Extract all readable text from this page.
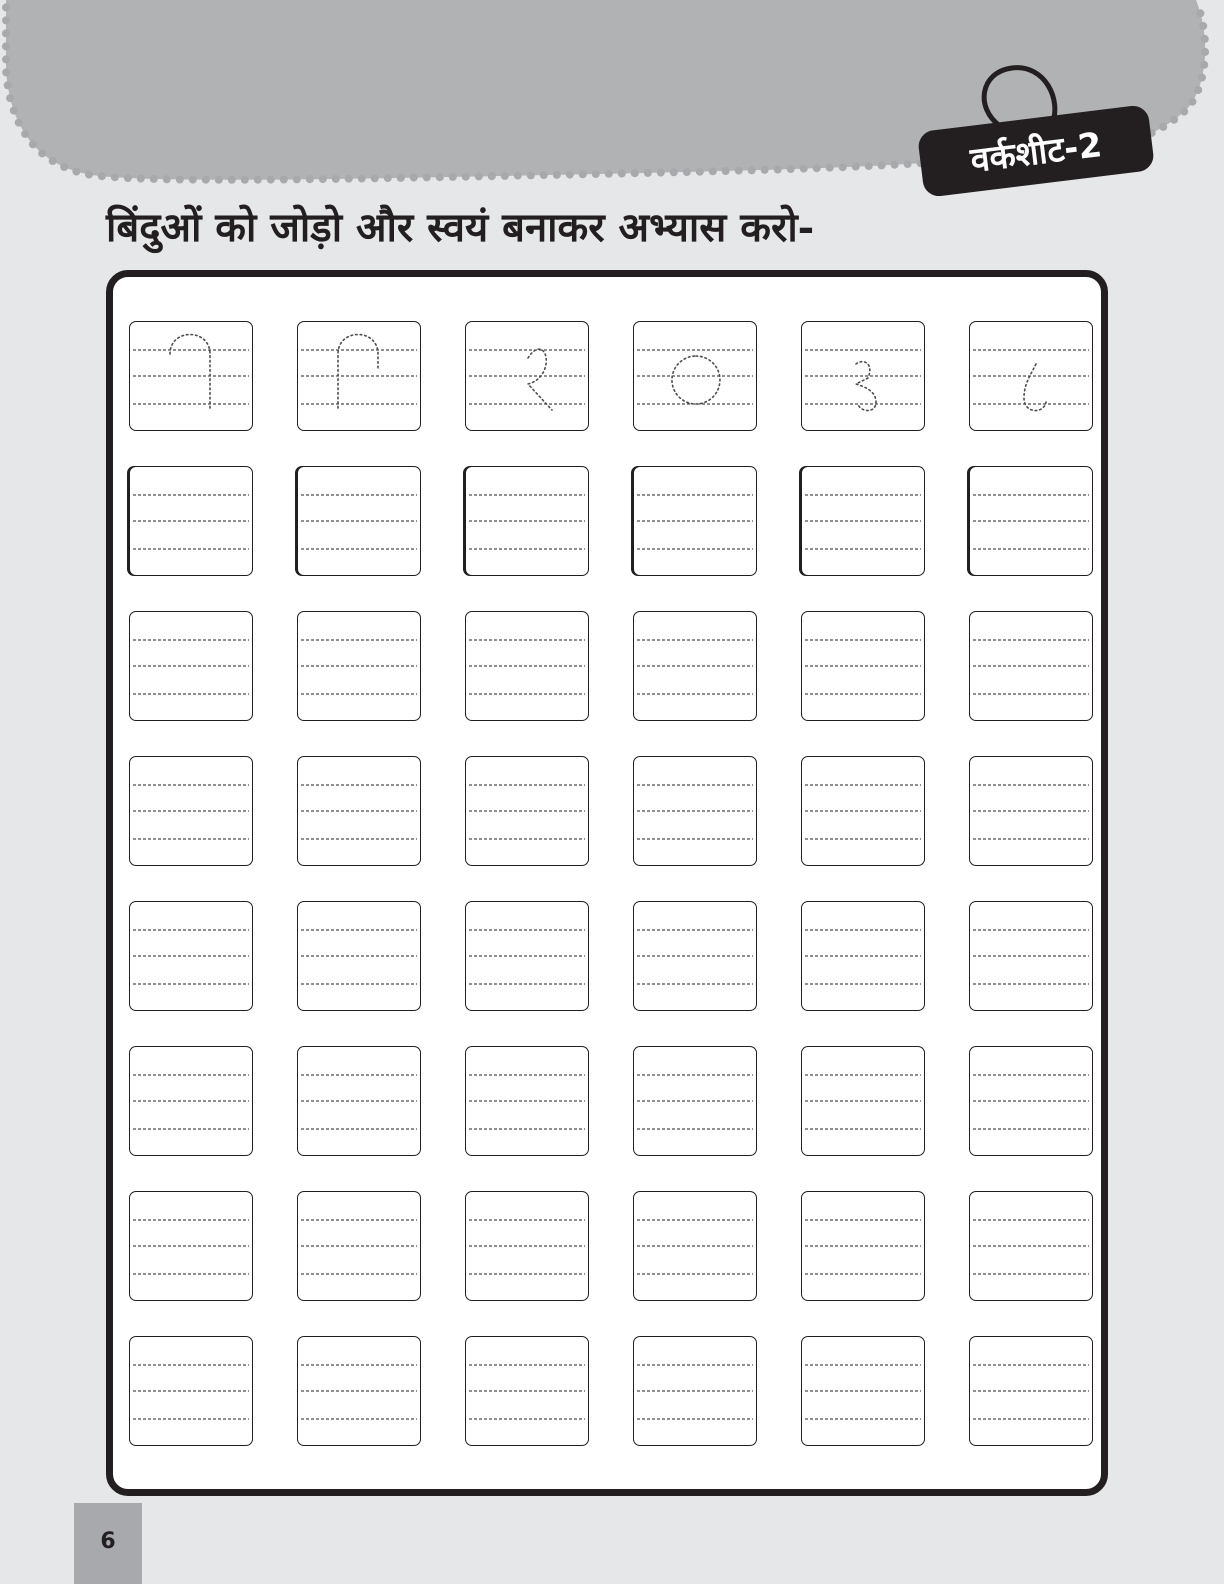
वर्कशीट-2
बिंदुओं को जोड़ो और स्वयं बनाकर अभ्यास करो-
6
